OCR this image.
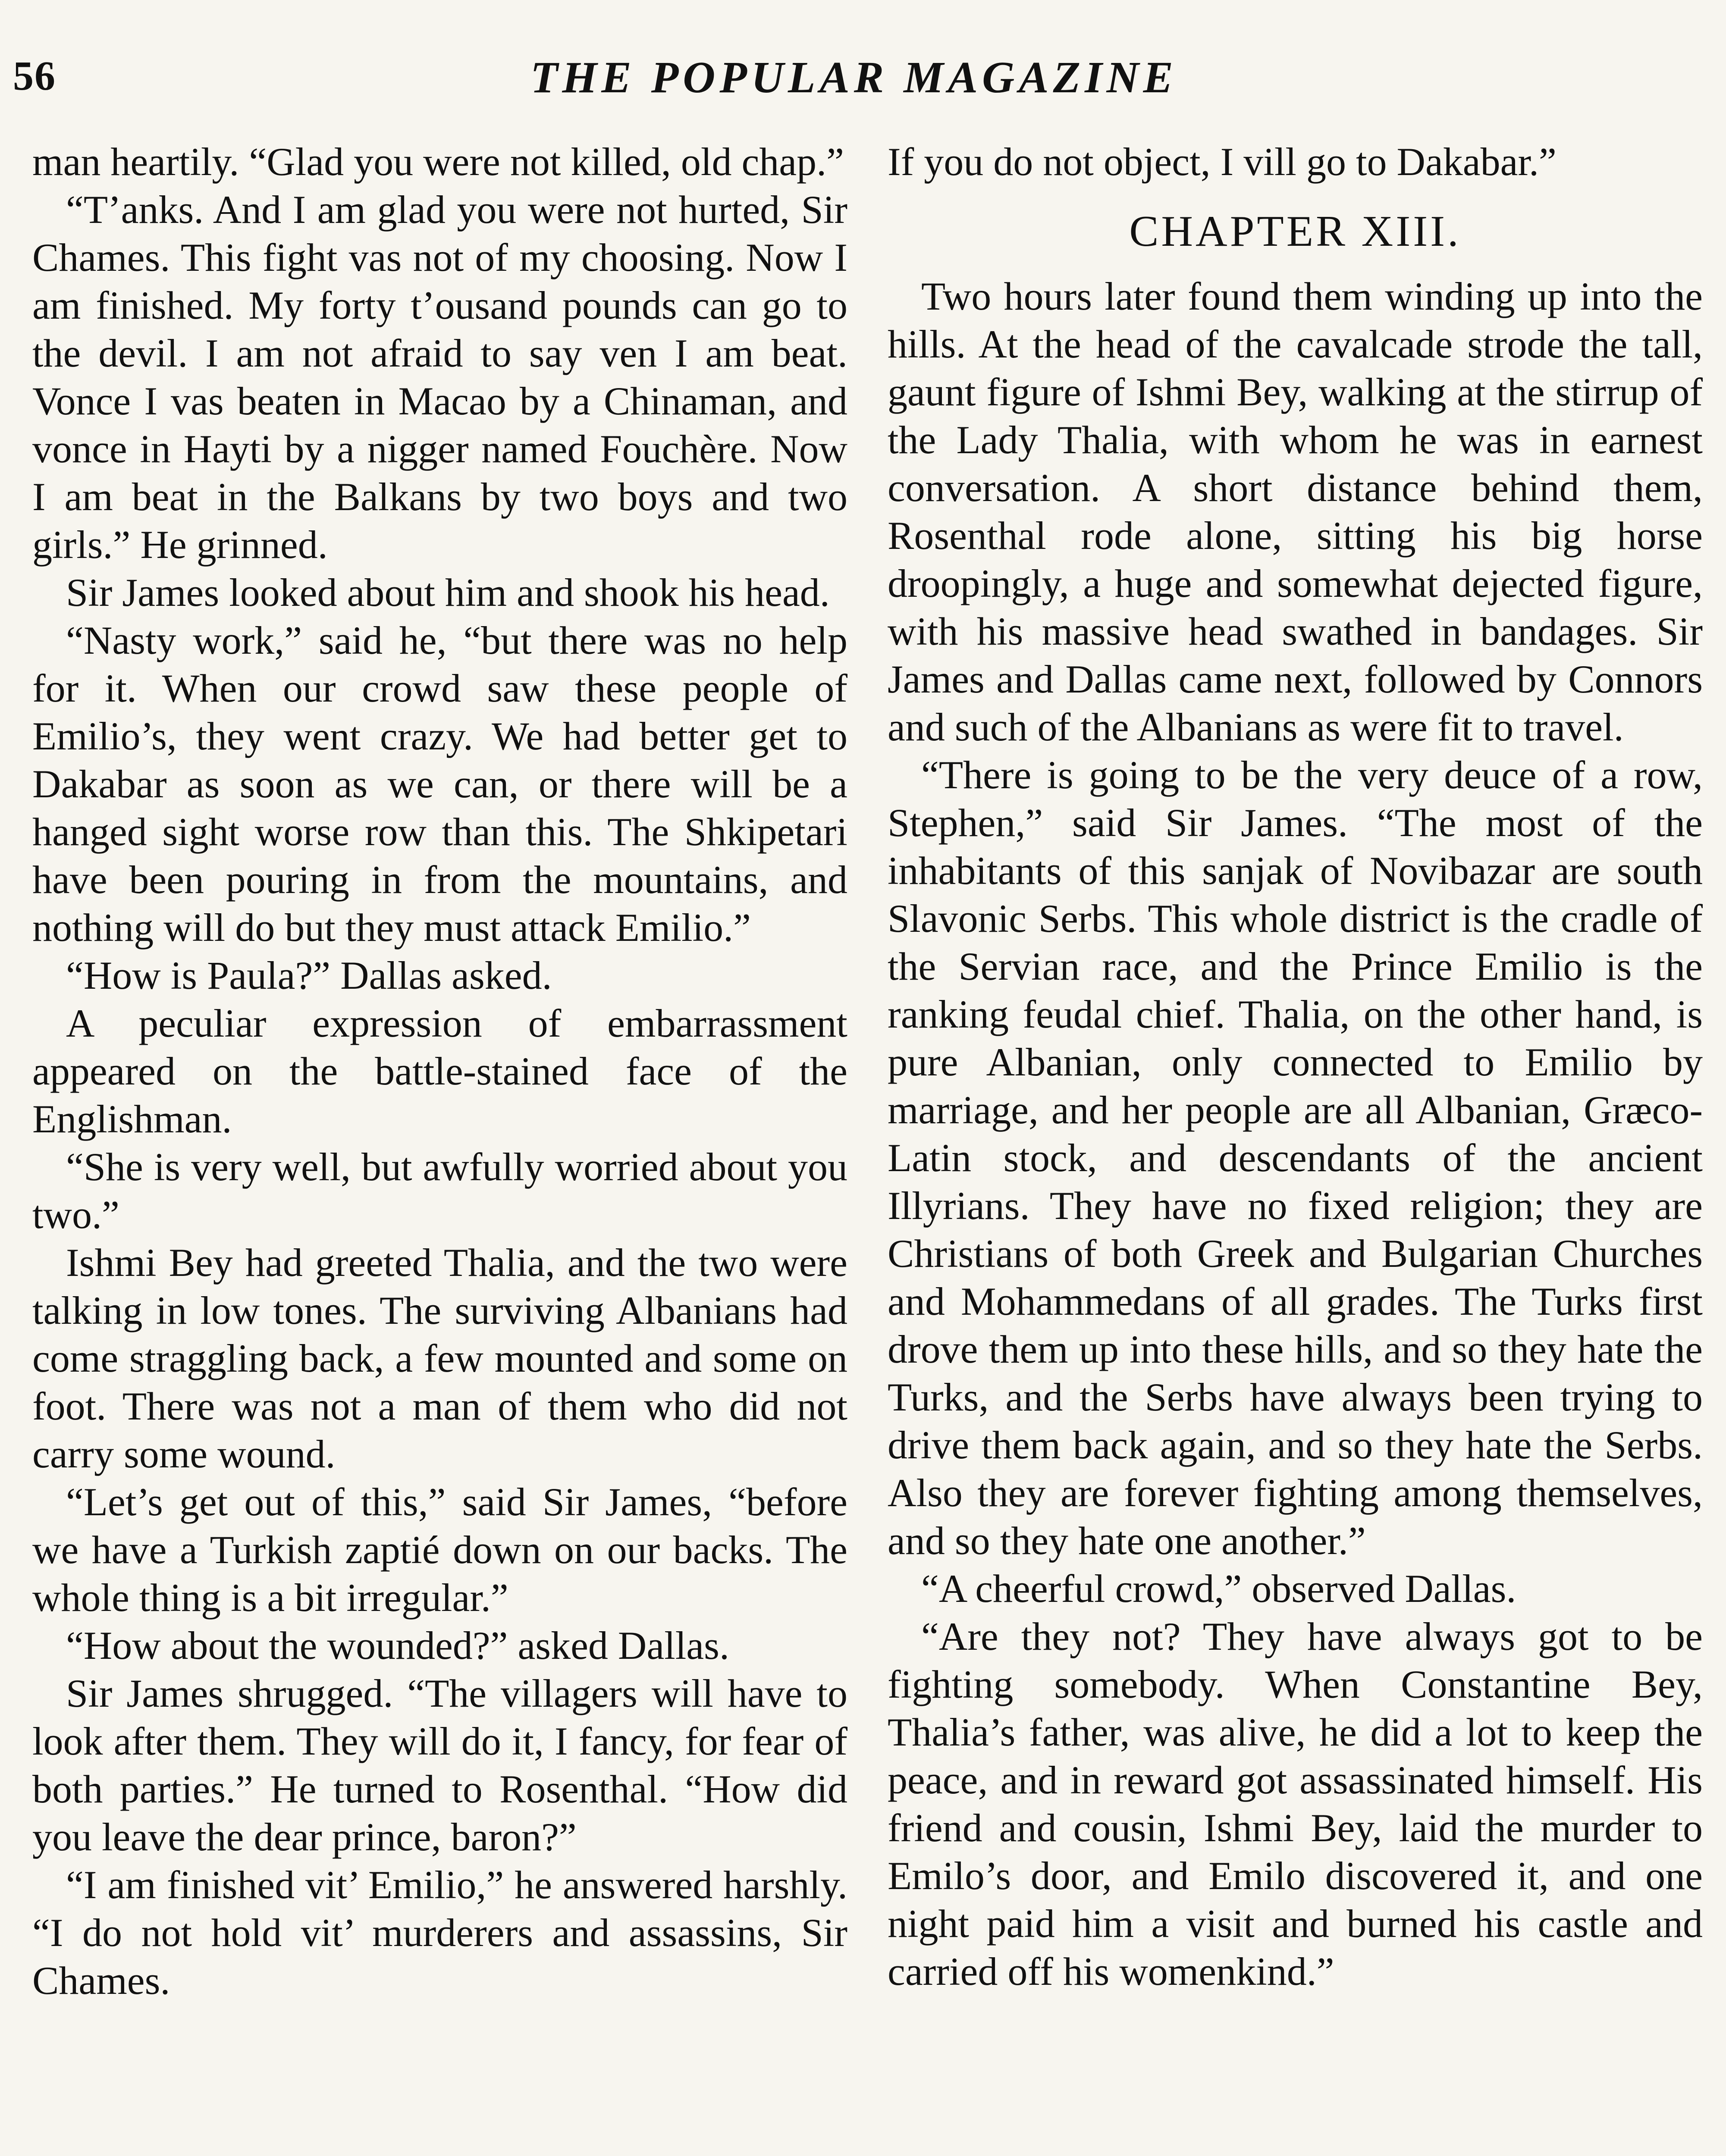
56	THE POPULAR MAGAZINE

man heartily. “Glad you were not killed, old chap.”

“T’anks. And I am glad you were not hurted, Sir Chames. This fight vas not of my choosing. Now I am finished. My forty t’ousand pounds can go to the devil. I am not afraid to say ven I am beat. Vonce I vas beaten in Macao by a Chinaman, and vonce in Hayti by a nigger named Fouchère. Now I am beat in the Balkans by two boys and two girls.” He grinned.

Sir James looked about him and shook his head.

“Nasty work,” said he, “but there was no help for it. When our crowd saw these people of Emilio’s, they went crazy. We had better get to Dakabar as soon as we can, or there will be a hanged sight worse row than this. The Shkipetari have been pouring in from the mountains, and nothing will do but they must attack Emilio.”

“How is Paula?” Dallas asked.

A peculiar expression of embarrassment appeared on the battle-stained face of the Englishman.

“She is very well, but awfully worried about you two.”

Ishmi Bey had greeted Thalia, and the two were talking in low tones. The surviving Albanians had come straggling back, a few mounted and some on foot. There was not a man of them who did not carry some wound.

“Let’s get out of this,” said Sir James, “before we have a Turkish zaptié down on our backs. The whole thing is a bit irregular.”

“How about the wounded?” asked Dallas.

Sir James shrugged. “The villagers will have to look after them. They will do it, I fancy, for fear of both parties.” He turned to Rosenthal. “How did you leave the dear prince, baron?”

“I am finished vit’ Emilio,” he answered harshly. “I do not hold vit’ murderers and assassins, Sir Chames.

If you do not object, I vill go to Dakabar.”

CHAPTER XIII.

Two hours later found them winding up into the hills. At the head of the cavalcade strode the tall, gaunt figure of Ishmi Bey, walking at the stirrup of the Lady Thalia, with whom he was in earnest conversation. A short distance behind them, Rosenthal rode alone, sitting his big horse droopingly, a huge and somewhat dejected figure, with his massive head swathed in bandages. Sir James and Dallas came next, followed by Connors and such of the Albanians as were fit to travel.

“There is going to be the very deuce of a row, Stephen,” said Sir James. “The most of the inhabitants of this sanjak of Novibazar are south Slavonic Serbs. This whole district is the cradle of the Servian race, and the Prince Emilio is the ranking feudal chief. Thalia, on the other hand, is pure Albanian, only connected to Emilio by marriage, and her people are all Albanian, Græco-Latin stock, and descendants of the ancient Illyrians. They have no fixed religion; they are Christians of both Greek and Bulgarian Churches and Mohammedans of all grades. The Turks first drove them up into these hills, and so they hate the Turks, and the Serbs have always been trying to drive them back again, and so they hate the Serbs. Also they are forever fighting among themselves, and so they hate one another.”

“A cheerful crowd,” observed Dallas.

“Are they not? They have always got to be fighting somebody. When Constantine Bey, Thalia’s father, was alive, he did a lot to keep the peace, and in reward got assassinated himself. His friend and cousin, Ishmi Bey, laid the murder to Emilo’s door, and Emilo discovered it, and one night paid him a visit and burned his castle and carried off his womenkind.”
